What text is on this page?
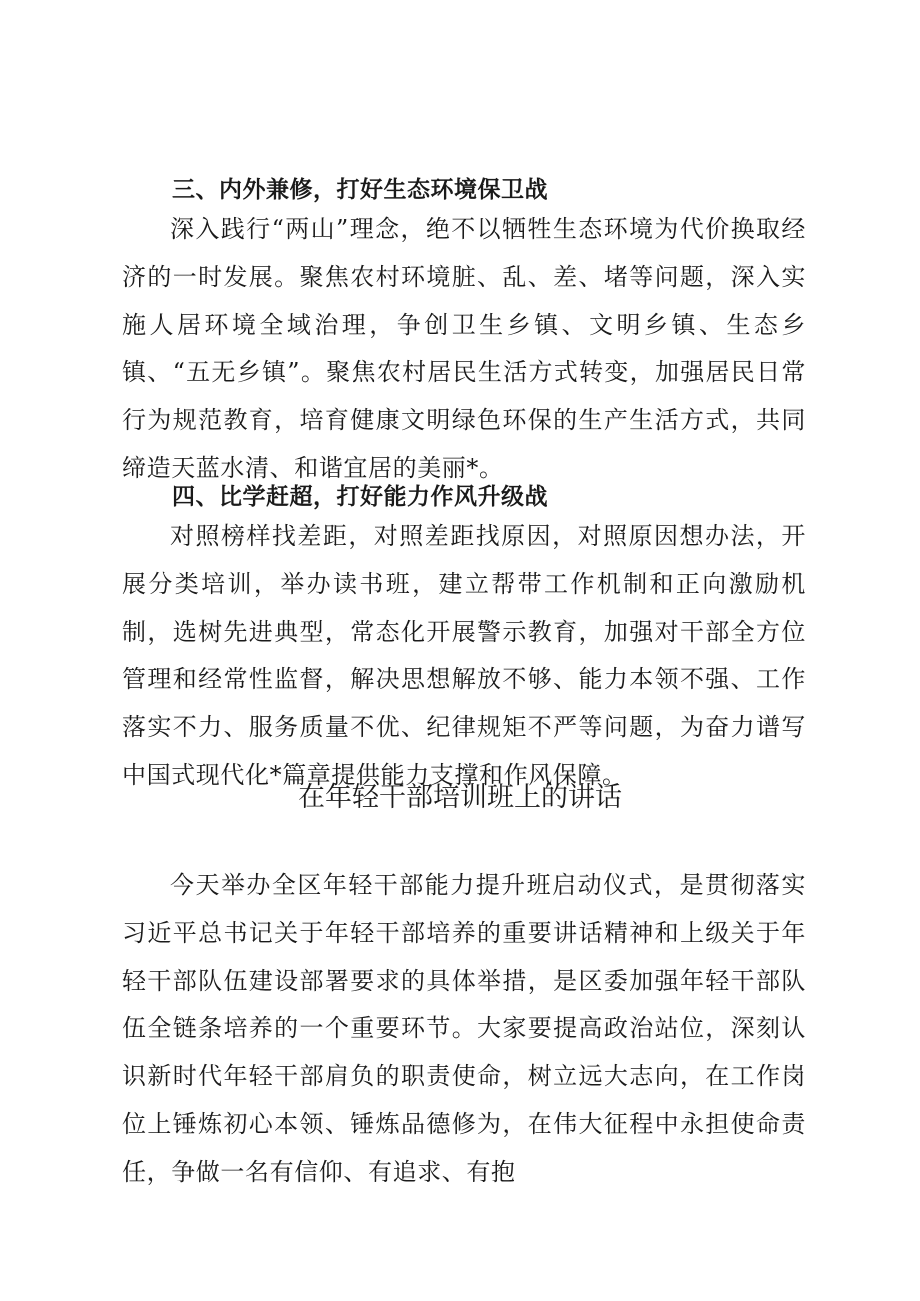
三、内外兼修，打好生态环境保卫战

深入践行“两山”理念，绝不以牺牲生态环境为代价换取经济的一时发展。聚焦农村环境脏、乱、差、堵等问题，深入实施人居环境全域治理，争创卫生乡镇、文明乡镇、生态乡镇、“五无乡镇”。聚焦农村居民生活方式转变，加强居民日常行为规范教育，培育健康文明绿色环保的生产生活方式，共同缔造天蓝水清、和谐宜居的美丽*。

四、比学赶超，打好能力作风升级战

对照榜样找差距，对照差距找原因，对照原因想办法，开展分类培训，举办读书班，建立帮带工作机制和正向激励机制，选树先进典型，常态化开展警示教育，加强对干部全方位管理和经常性监督，解决思想解放不够、能力本领不强、工作落实不力、服务质量不优、纪律规矩不严等问题，为奋力谱写中国式现代化*篇章提供能力支撑和作风保障。

在年轻干部培训班上的讲话

今天举办全区年轻干部能力提升班启动仪式，是贯彻落实习近平总书记关于年轻干部培养的重要讲话精神和上级关于年轻干部队伍建设部署要求的具体举措，是区委加强年轻干部队伍全链条培养的一个重要环节。大家要提高政治站位，深刻认识新时代年轻干部肩负的职责使命，树立远大志向，在工作岗位上锤炼初心本领、锤炼品德修为，在伟大征程中永担使命责任，争做一名有信仰、有追求、有抱
